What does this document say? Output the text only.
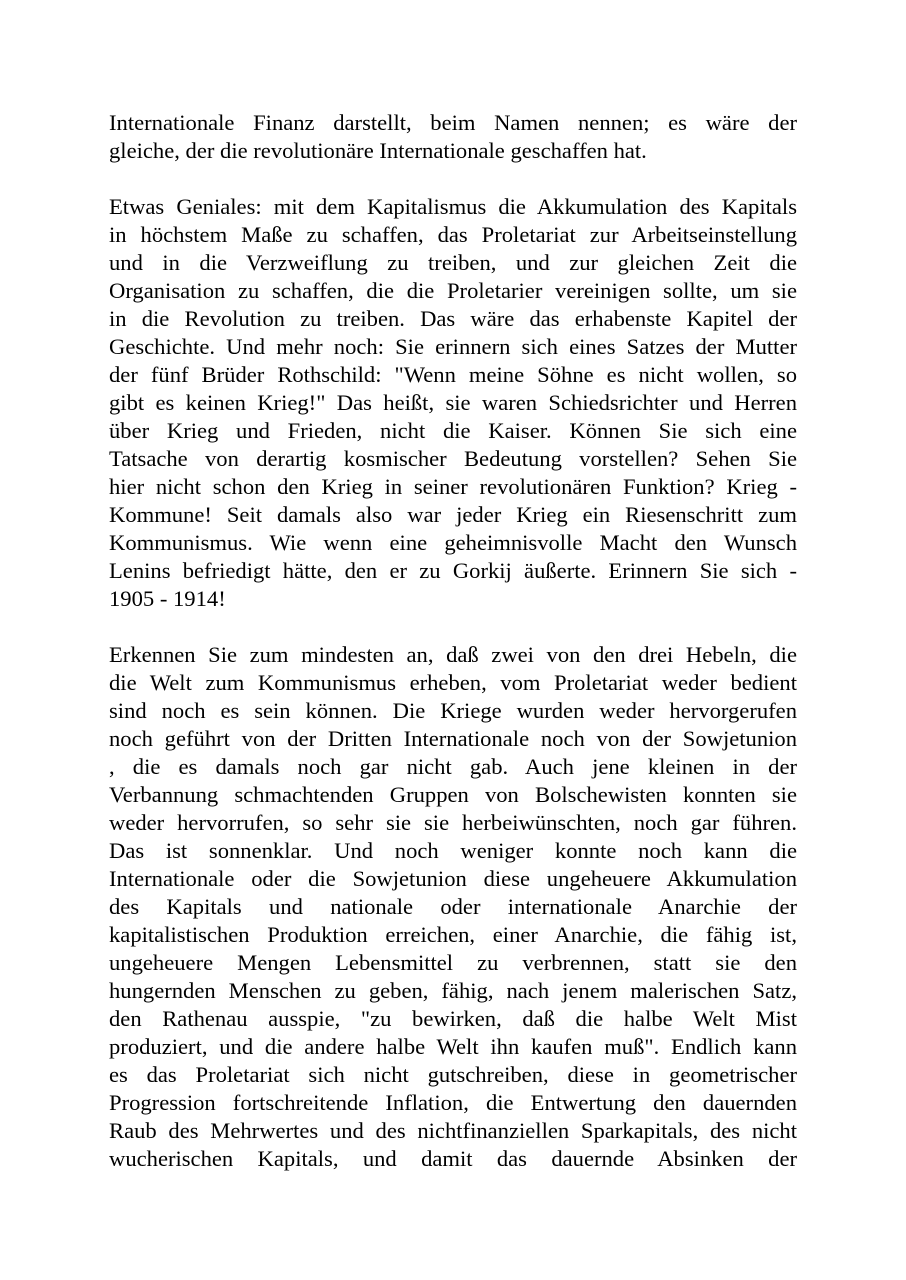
Internationale Finanz darstellt, beim Namen nennen; es wäre der
gleiche, der die revolutionäre Internationale geschaffen hat.
Etwas Geniales: mit dem Kapitalismus die Akkumulation des Kapitals
in höchstem Maße zu schaffen, das Proletariat zur Arbeitseinstellung
und in die Verzweiflung zu treiben, und zur gleichen Zeit die
Organisation zu schaffen, die die Proletarier vereinigen sollte, um sie
in die Revolution zu treiben. Das wäre das erhabenste Kapitel der
Geschichte. Und mehr noch: Sie erinnern sich eines Satzes der Mutter
der fünf Brüder Rothschild: "Wenn meine Söhne es nicht wollen, so
gibt es keinen Krieg!" Das heißt, sie waren Schiedsrichter und Herren
über Krieg und Frieden, nicht die Kaiser. Können Sie sich eine
Tatsache von derartig kosmischer Bedeutung vorstellen? Sehen Sie
hier nicht schon den Krieg in seiner revolutionären Funktion? Krieg -
Kommune! Seit damals also war jeder Krieg ein Riesenschritt zum
Kommunismus. Wie wenn eine geheimnisvolle Macht den Wunsch
Lenins befriedigt hätte, den er zu Gorkij äußerte. Erinnern Sie sich -
1905 - 1914!
Erkennen Sie zum mindesten an, daß zwei von den drei Hebeln, die
die Welt zum Kommunismus erheben, vom Proletariat weder bedient
sind noch es sein können. Die Kriege wurden weder hervorgerufen
noch geführt von der Dritten Internationale noch von der Sowjetunion
, die es damals noch gar nicht gab. Auch jene kleinen in der
Verbannung schmachtenden Gruppen von Bolschewisten konnten sie
weder hervorrufen, so sehr sie sie herbeiwünschten, noch gar führen.
Das ist sonnenklar. Und noch weniger konnte noch kann die
Internationale oder die Sowjetunion diese ungeheuere Akkumulation
des Kapitals und nationale oder internationale Anarchie der
kapitalistischen Produktion erreichen, einer Anarchie, die fähig ist,
ungeheuere Mengen Lebensmittel zu verbrennen, statt sie den
hungernden Menschen zu geben, fähig, nach jenem malerischen Satz,
den Rathenau ausspie, "zu bewirken, daß die halbe Welt Mist
produziert, und die andere halbe Welt ihn kaufen muß". Endlich kann
es das Proletariat sich nicht gutschreiben, diese in geometrischer
Progression fortschreitende Inflation, die Entwertung den dauernden
Raub des Mehrwertes und des nichtfinanziellen Sparkapitals, des nicht
wucherischen Kapitals, und damit das dauernde Absinken der
